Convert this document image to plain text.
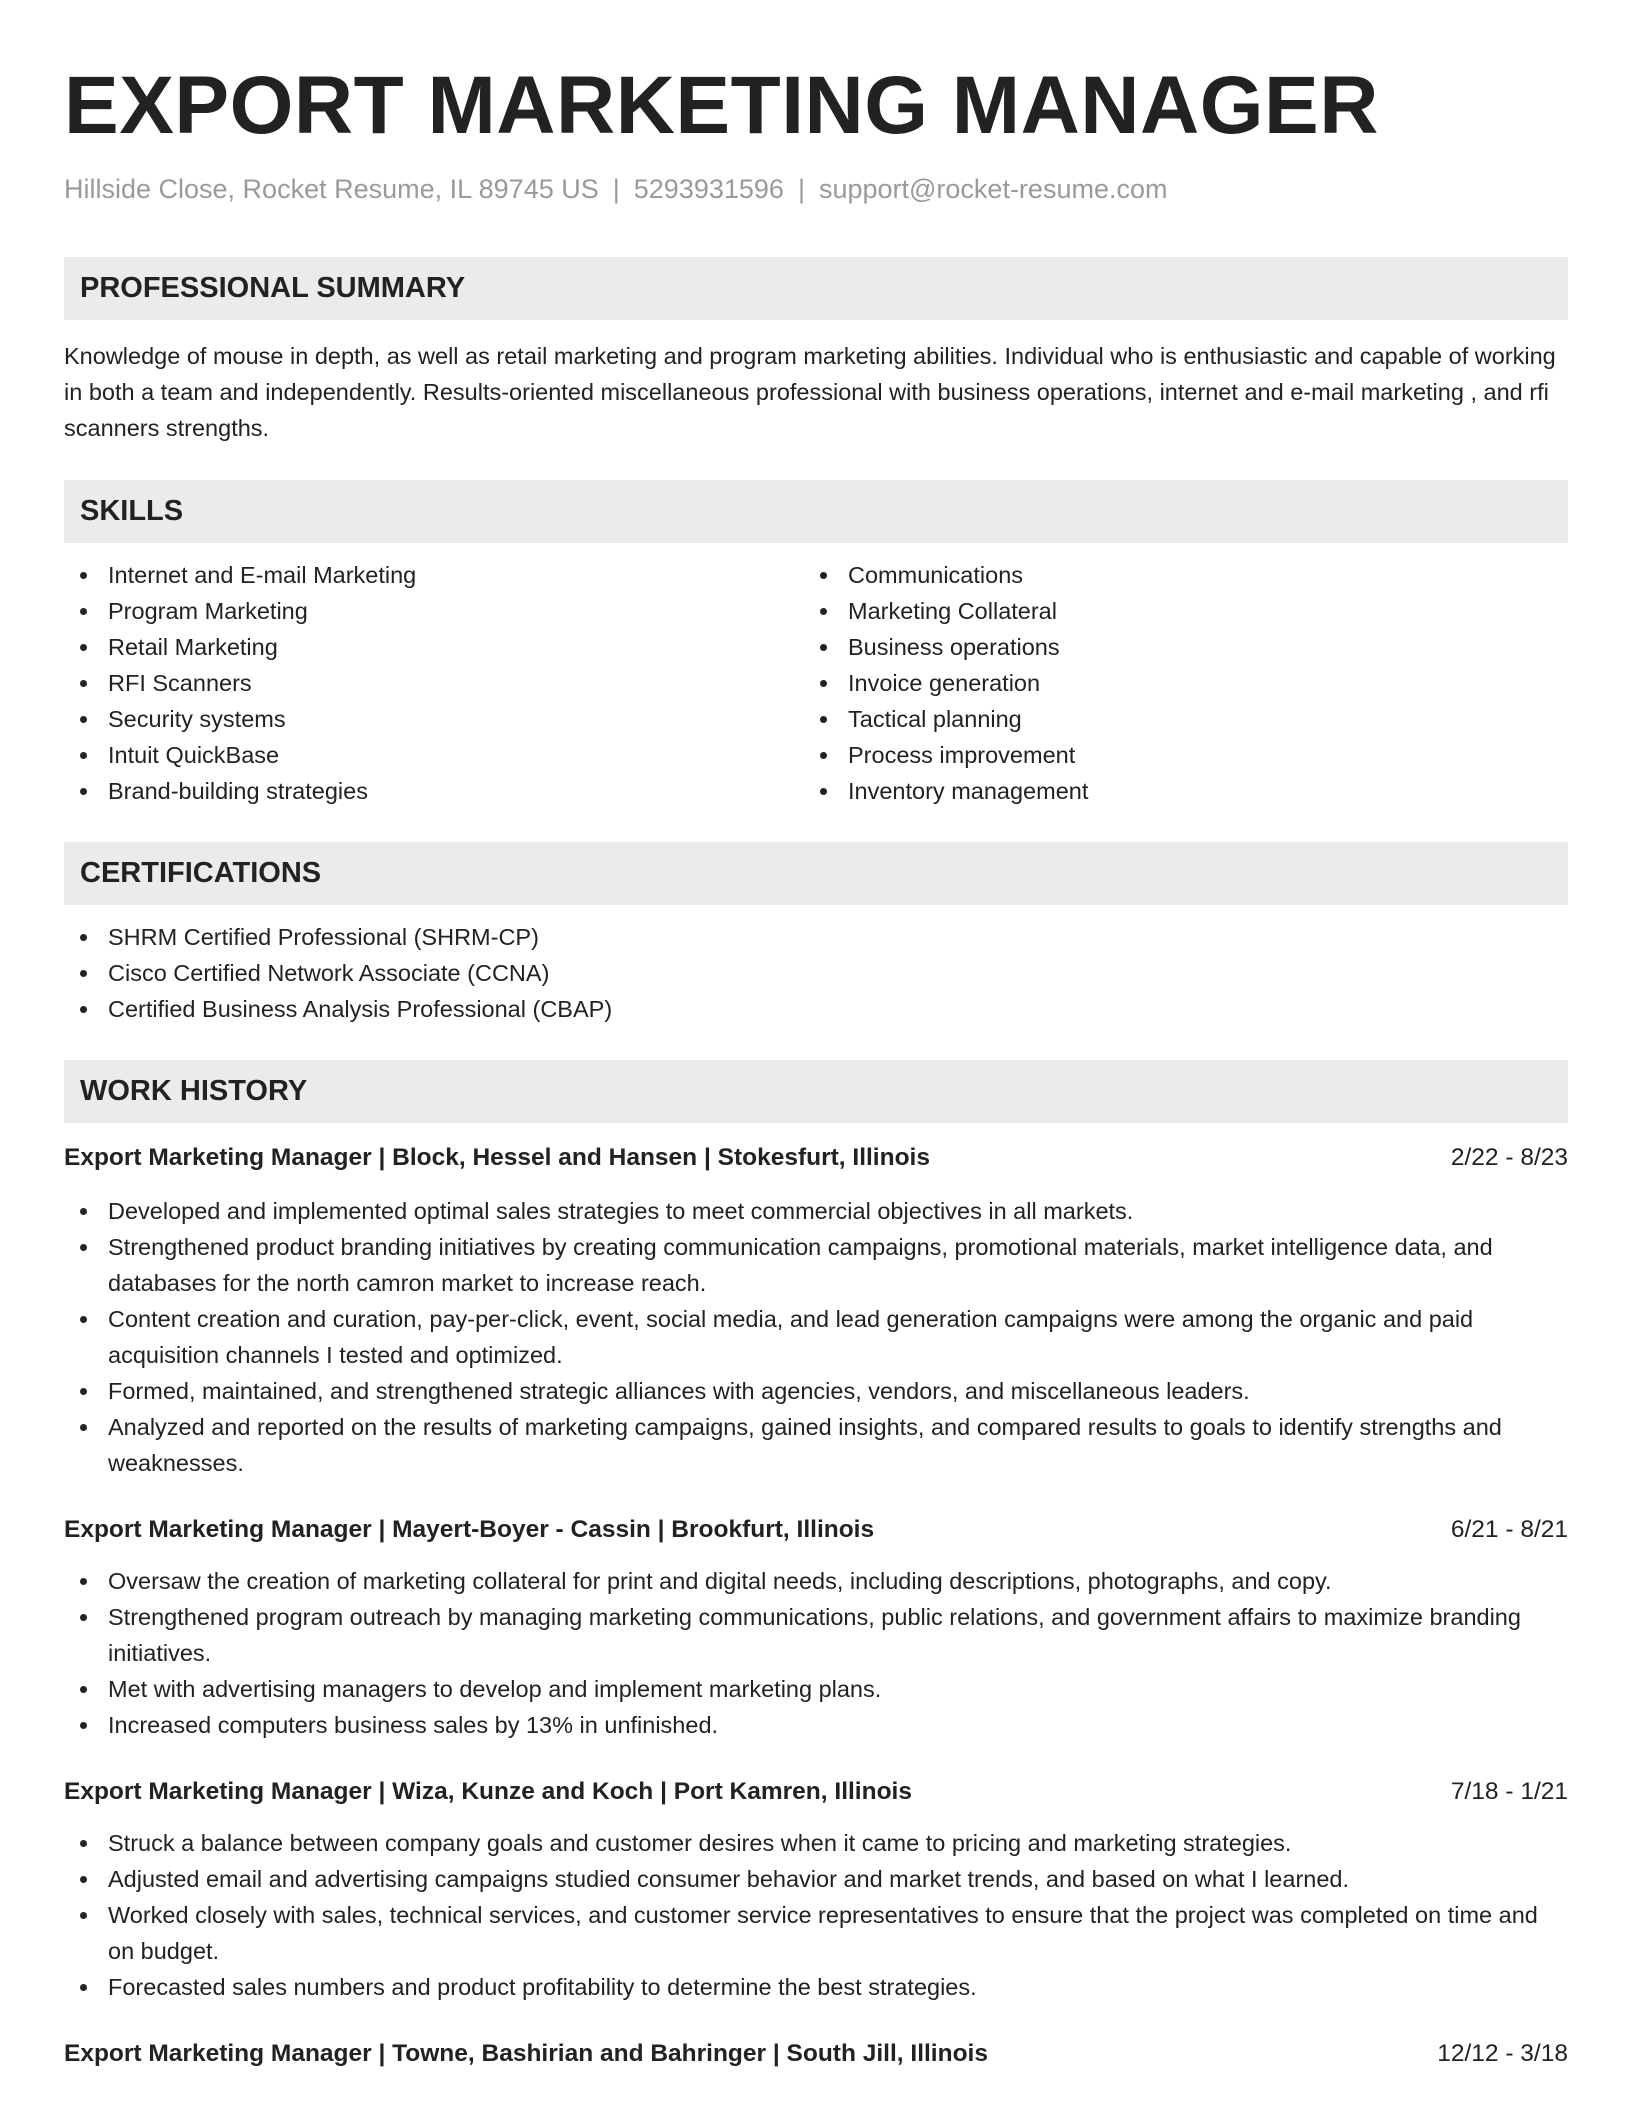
EXPORT MARKETING MANAGER
Hillside Close, Rocket Resume, IL 89745 US | 5293931596 | support@rocket-resume.com
PROFESSIONAL SUMMARY

Knowledge of mouse in depth, as well as retail marketing and program marketing abilities. Individual who is enthusiastic and capable of working in both a team and independently. Results-oriented miscellaneous professional with business operations, internet and e-mail marketing , and rfi scanners strengths.

SKILLS
Internet and E-mail Marketing
Program Marketing
Retail Marketing
RFI Scanners
Security systems
Intuit QuickBase
Brand-building strategies
Communications
Marketing Collateral
Business operations
Invoice generation
Tactical planning
Process improvement
Inventory management
CERTIFICATIONS
SHRM Certified Professional (SHRM-CP)
Cisco Certified Network Associate (CCNA)
Certified Business Analysis Professional (CBAP)
WORK HISTORY
Export Marketing Manager | Block, Hessel and Hansen | Stokesfurt, Illinois	2/22 - 8/23
Developed and implemented optimal sales strategies to meet commercial objectives in all markets.
Strengthened product branding initiatives by creating communication campaigns, promotional materials, market intelligence data, and databases for the north camron market to increase reach.
Content creation and curation, pay-per-click, event, social media, and lead generation campaigns were among the organic and paid acquisition channels I tested and optimized.
Formed, maintained, and strengthened strategic alliances with agencies, vendors, and miscellaneous leaders.
Analyzed and reported on the results of marketing campaigns, gained insights, and compared results to goals to identify strengths and weaknesses.
Export Marketing Manager | Mayert-Boyer - Cassin | Brookfurt, Illinois	6/21 - 8/21
Oversaw the creation of marketing collateral for print and digital needs, including descriptions, photographs, and copy.
Strengthened program outreach by managing marketing communications, public relations, and government affairs to maximize branding initiatives.
Met with advertising managers to develop and implement marketing plans.
Increased computers business sales by 13% in unfinished.
Export Marketing Manager | Wiza, Kunze and Koch | Port Kamren, Illinois	7/18 - 1/21
Struck a balance between company goals and customer desires when it came to pricing and marketing strategies.
Adjusted email and advertising campaigns studied consumer behavior and market trends, and based on what I learned.
Worked closely with sales, technical services, and customer service representatives to ensure that the project was completed on time and on budget.
Forecasted sales numbers and product profitability to determine the best strategies.
Export Marketing Manager | Towne, Bashirian and Bahringer | South Jill, Illinois	12/12 - 3/18
